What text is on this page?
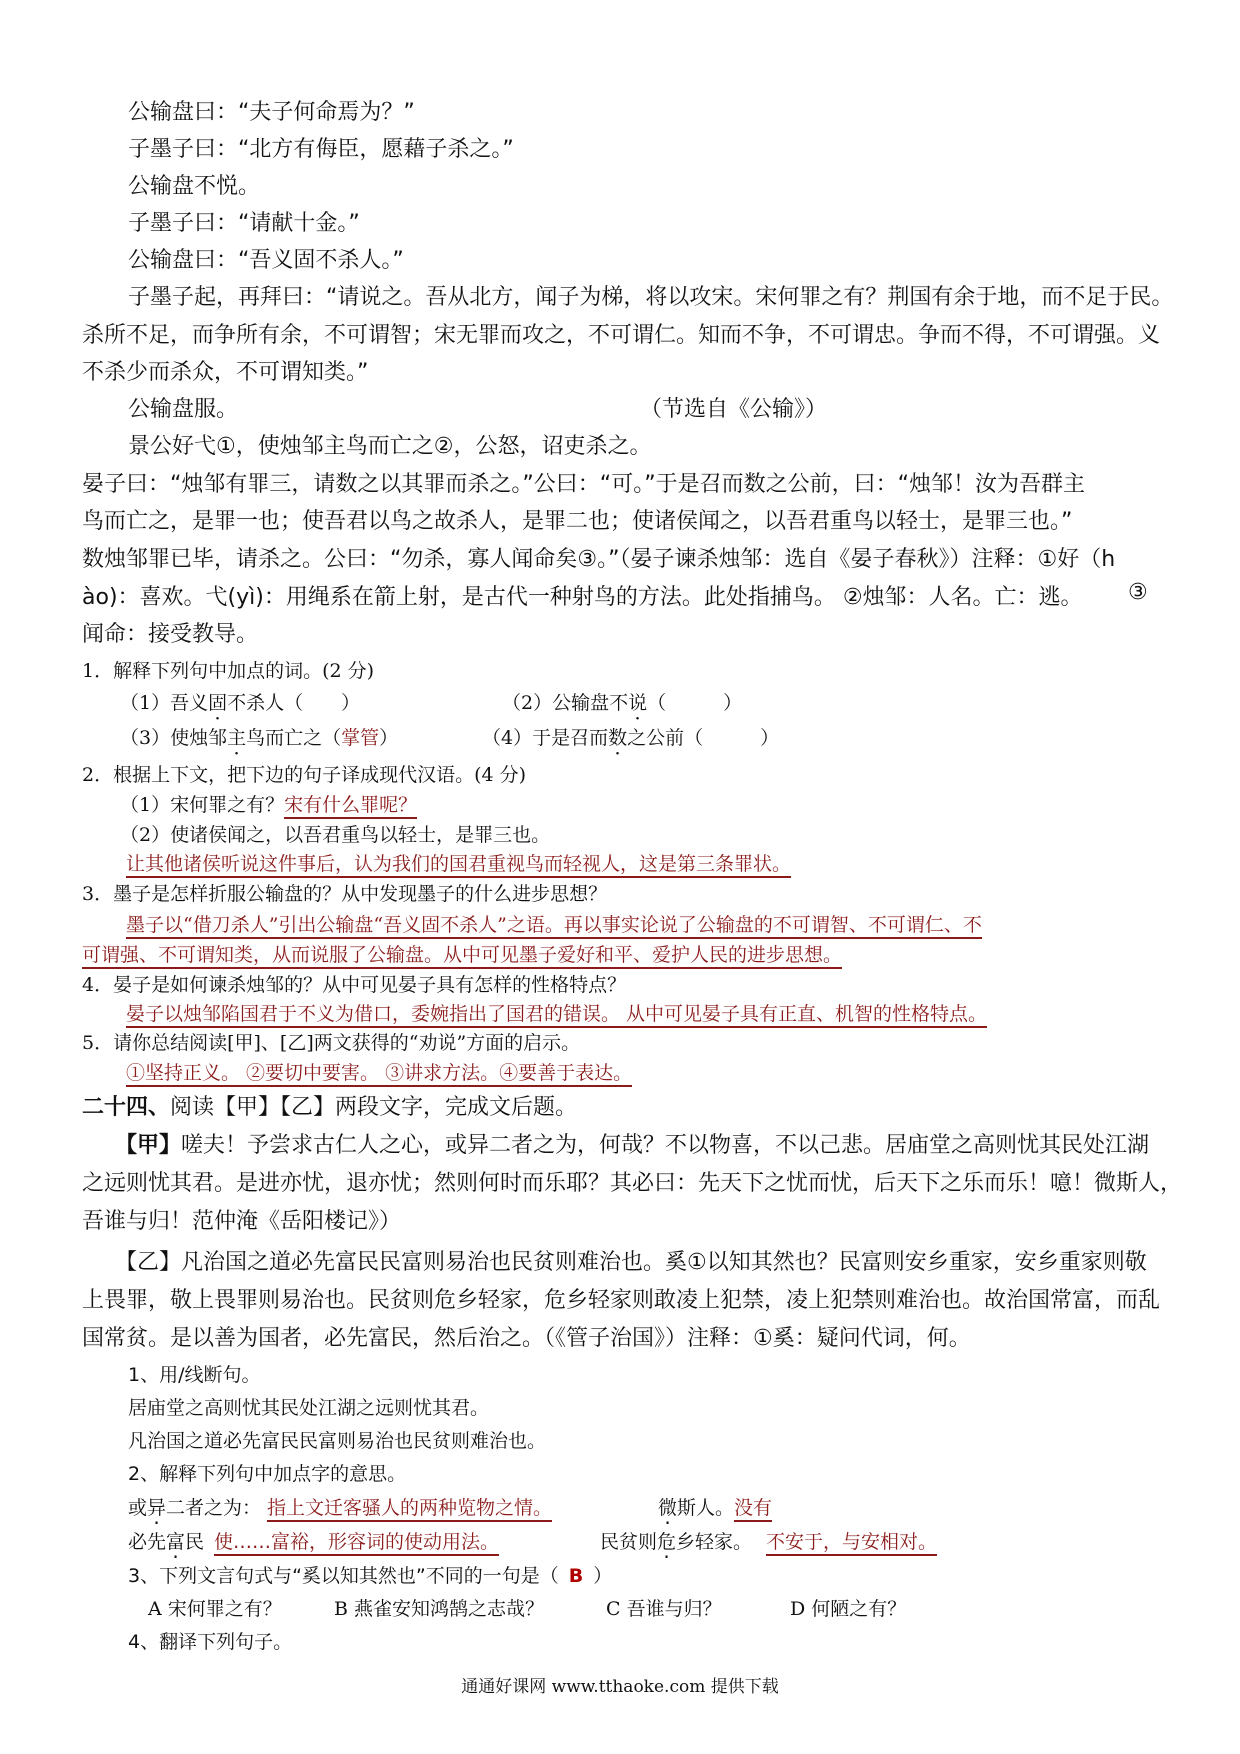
公输盘曰：“夫子何命焉为？”
子墨子曰：“北方有侮臣，愿藉子杀之。”
公输盘不悦。
子墨子曰：“请献十金。”
公输盘曰：“吾义固不杀人。”
子墨子起，再拜曰：“请说之。吾从北方，闻子为梯，将以攻宋。宋何罪之有？荆国有余于地，而不足于民。
杀所不足，而争所有余，不可谓智；宋无罪而攻之，不可谓仁。知而不争，不可谓忠。争而不得，不可谓强。义
不杀少而杀众，不可谓知类。”
公输盘服。	（节选自《公输》）
景公好弋①，使烛邹主鸟而亡之②，公怒，诏吏杀之。
晏子曰：“烛邹有罪三，请数之以其罪而杀之。”公曰：“可。”于是召而数之公前，曰：“烛邹！汝为吾群主
鸟而亡之，是罪一也；使吾君以鸟之故杀人，是罪二也；使诸侯闻之，以吾君重鸟以轻士，是罪三也。”
数烛邹罪已毕，请杀之。公曰：“勿杀，寡人闻命矣③。”（晏子谏杀烛邹：选自《晏子春秋》）注释：①好（h
ào)：喜欢。弋(yì)：用绳系在箭上射，是古代一种射鸟的方法。此处指捕鸟。 ②烛邹：人名。亡：逃。 ③
闻命：接受教导。
1．解释下列句中加点的词。(2 分)
（1）吾义固不杀人（　　）	（2）公输盘不说（　　　）
（3）使烛邹主鸟而亡之（掌管）	（4）于是召而数之公前（　　　）
2．根据上下文，把下边的句子译成现代汉语。(4 分)
（1）宋何罪之有？宋有什么罪呢？
（2）使诸侯闻之，以吾君重鸟以轻士，是罪三也。
让其他诸侯听说这件事后，认为我们的国君重视鸟而轻视人，这是第三条罪状。
3．墨子是怎样折服公输盘的？从中发现墨子的什么进步思想？
墨子以“借刀杀人”引出公输盘“吾义固不杀人”之语。再以事实论说了公输盘的不可谓智、不可谓仁、不
可谓强、不可谓知类，从而说服了公输盘。从中可见墨子爱好和平、爱护人民的进步思想。
4．晏子是如何谏杀烛邹的？从中可见晏子具有怎样的性格特点？
晏子以烛邹陷国君于不义为借口，委婉指出了国君的错误。 从中可见晏子具有正直、机智的性格特点。
5．请你总结阅读[甲]、[乙]两文获得的“劝说”方面的启示。
①坚持正义。 ②要切中要害。 ③讲求方法。④要善于表达。
二十四、阅读【甲】【乙】两段文字，完成文后题。
【甲】嗟夫！予尝求古仁人之心，或异二者之为，何哉？不以物喜，不以己悲。居庙堂之高则忧其民处江湖
之远则忧其君。是进亦忧，退亦忧；然则何时而乐耶？其必曰：先天下之忧而忧，后天下之乐而乐！噫！微斯人，
吾谁与归！范仲淹《岳阳楼记》）
【乙】凡治国之道必先富民民富则易治也民贫则难治也。奚①以知其然也？民富则安乡重家，安乡重家则敬
上畏罪，敬上畏罪则易治也。民贫则危乡轻家，危乡轻家则敢凌上犯禁，凌上犯禁则难治也。故治国常富，而乱
国常贫。是以善为国者，必先富民，然后治之。（《管子治国》）注释：①奚：疑问代词，何。
1、用/线断句。
居庙堂之高则忧其民处江湖之远则忧其君。
凡治国之道必先富民民富则易治也民贫则难治也。
2、解释下列句中加点字的意思。
或异二者之为： 指上文迁客骚人的两种览物之情。	微斯人。没有
必先富民 使……富裕，形容词的使动用法。	民贫则危乡轻家。 不安于，与安相对。
3、下列文言句式与“奚以知其然也”不同的一句是（ B ）
A 宋何罪之有？	B 燕雀安知鸿鹄之志哉？	C 吾谁与归？	D 何陋之有？
通通好课网 www.tthaoke.com 提供下载
4、翻译下列句子。
